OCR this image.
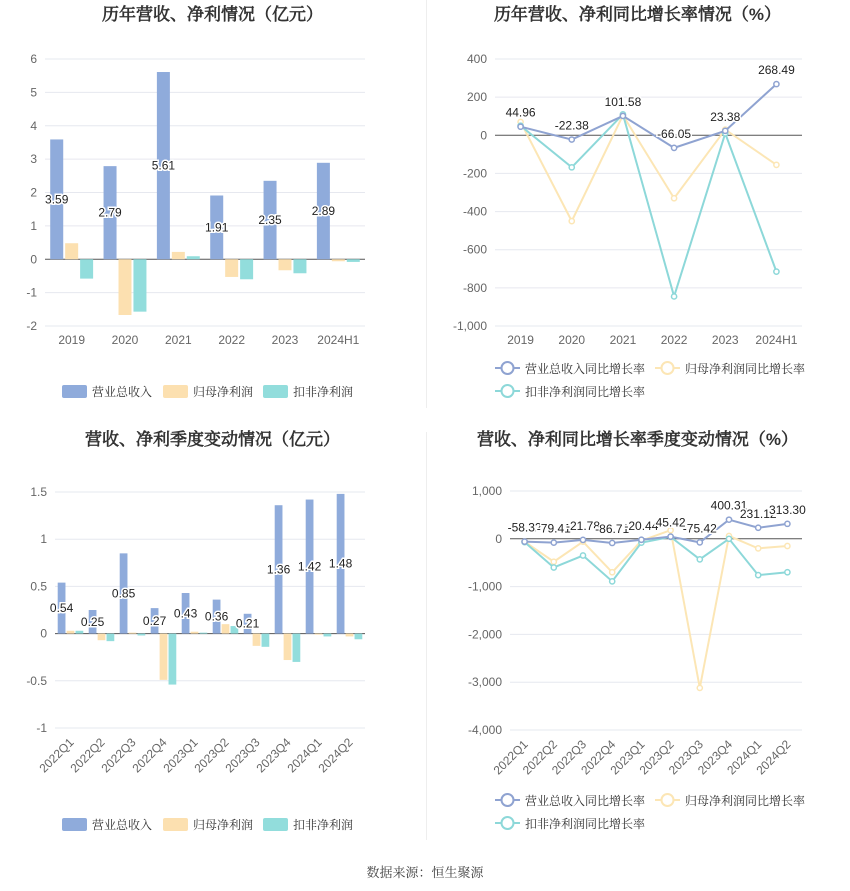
历年营收、净利情况（亿元）
6
5
4
3
2
1
0
-1
-2
2019 2020 2021 2022 2023 2024H1
3.59
2.79
5.61
1.91
2.35
2.89
营业总收入	归母净利润	扣非净利润
历年营收、净利同比增长率情况（%）
400
200
0
-200
-400
-600
-800
-1,000
2019 2020 2021 2022 2023 2024H1
44.96
-22.38
101.58
-66.05
23.38
268.49
营业总收入同比增长率	归母净利润同比增长率
扣非净利润同比增长率
营收、净利季度变动情况（亿元）
1.5
1
0.5
0
-0.5
-1
2022Q1
2022Q2
2022Q3
2022Q4
2023Q1
2023Q2
2023Q3
2023Q4
2024Q1
2024Q2
0.54
0.25
0.85
0.27
0.43 0.36
0.21
1.36 1.42 1.48
营业总收入	归母净利润	扣非净利润
营收、净利同比增长率季度变动情况（%）
1,000
0
-1,000
-2,000
-3,000
-4,000
2022Q1
2022Q2
2022Q3
2022Q4
2023Q1
2023Q2
2023Q3
2023Q4
2024Q1
2024Q2
-58.32
-79.41
-21.78
-86.71
-20.44
45.42
-75.42
400.31
231.12
313.30
营业总收入同比增长率	归母净利润同比增长率
扣非净利润同比增长率
数据来源：恒生聚源
